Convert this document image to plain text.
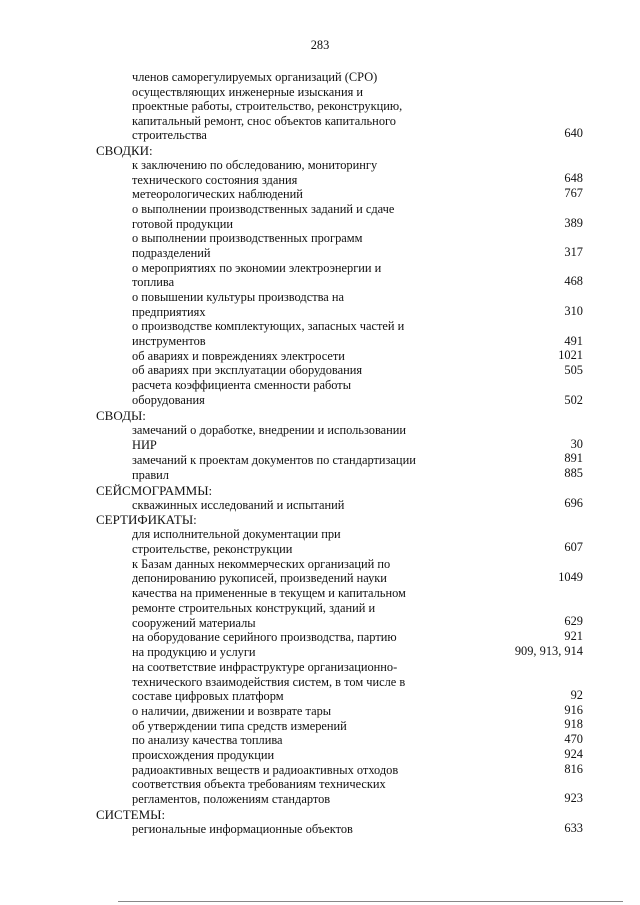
283
членов саморегулируемых организаций (СРО)
осуществляющих инженерные изыскания и
проектные работы, строительство, реконструкцию,
капитальный ремонт, снос объектов капитального
строительства	640
СВОДКИ:
к заключению по обследованию, мониторингу
технического состояния здания	648
метеорологических наблюдений	767
о выполнении производственных заданий и сдаче
готовой продукции	389
о выполнении производственных программ
подразделений	317
о мероприятиях по экономии электроэнергии и
топлива	468
о повышении культуры производства на
предприятиях	310
о производстве комплектующих, запасных частей и
инструментов	491
об авариях и повреждениях электросети	1021
об авариях при эксплуатации оборудования	505
расчета коэффициента сменности работы
оборудования	502
СВОДЫ:
замечаний о доработке, внедрении и использовании
НИР	30
замечаний к проектам документов по стандартизации	891
правил	885
СЕЙСМОГРАММЫ:
скважинных исследований и испытаний	696
СЕРТИФИКАТЫ:
для исполнительной документации при
строительстве, реконструкции	607
к Базам данных некоммерческих организаций по
депонированию рукописей, произведений науки	1049
качества на примененные в текущем и капитальном
ремонте строительных конструкций, зданий и
сооружений материалы	629
на оборудование серийного производства, партию	921
на продукцию и услуги	909, 913, 914
на соответствие инфраструктуре организационно-
технического взаимодействия систем, в том числе в
составе цифровых платформ	92
о наличии, движении и возврате тары	916
об утверждении типа средств измерений	918
по анализу качества топлива	470
происхождения продукции	924
радиоактивных веществ и радиоактивных отходов	816
соответствия объекта требованиям технических
регламентов, положениям стандартов	923
СИСТЕМЫ:
региональные информационные объектов	633
